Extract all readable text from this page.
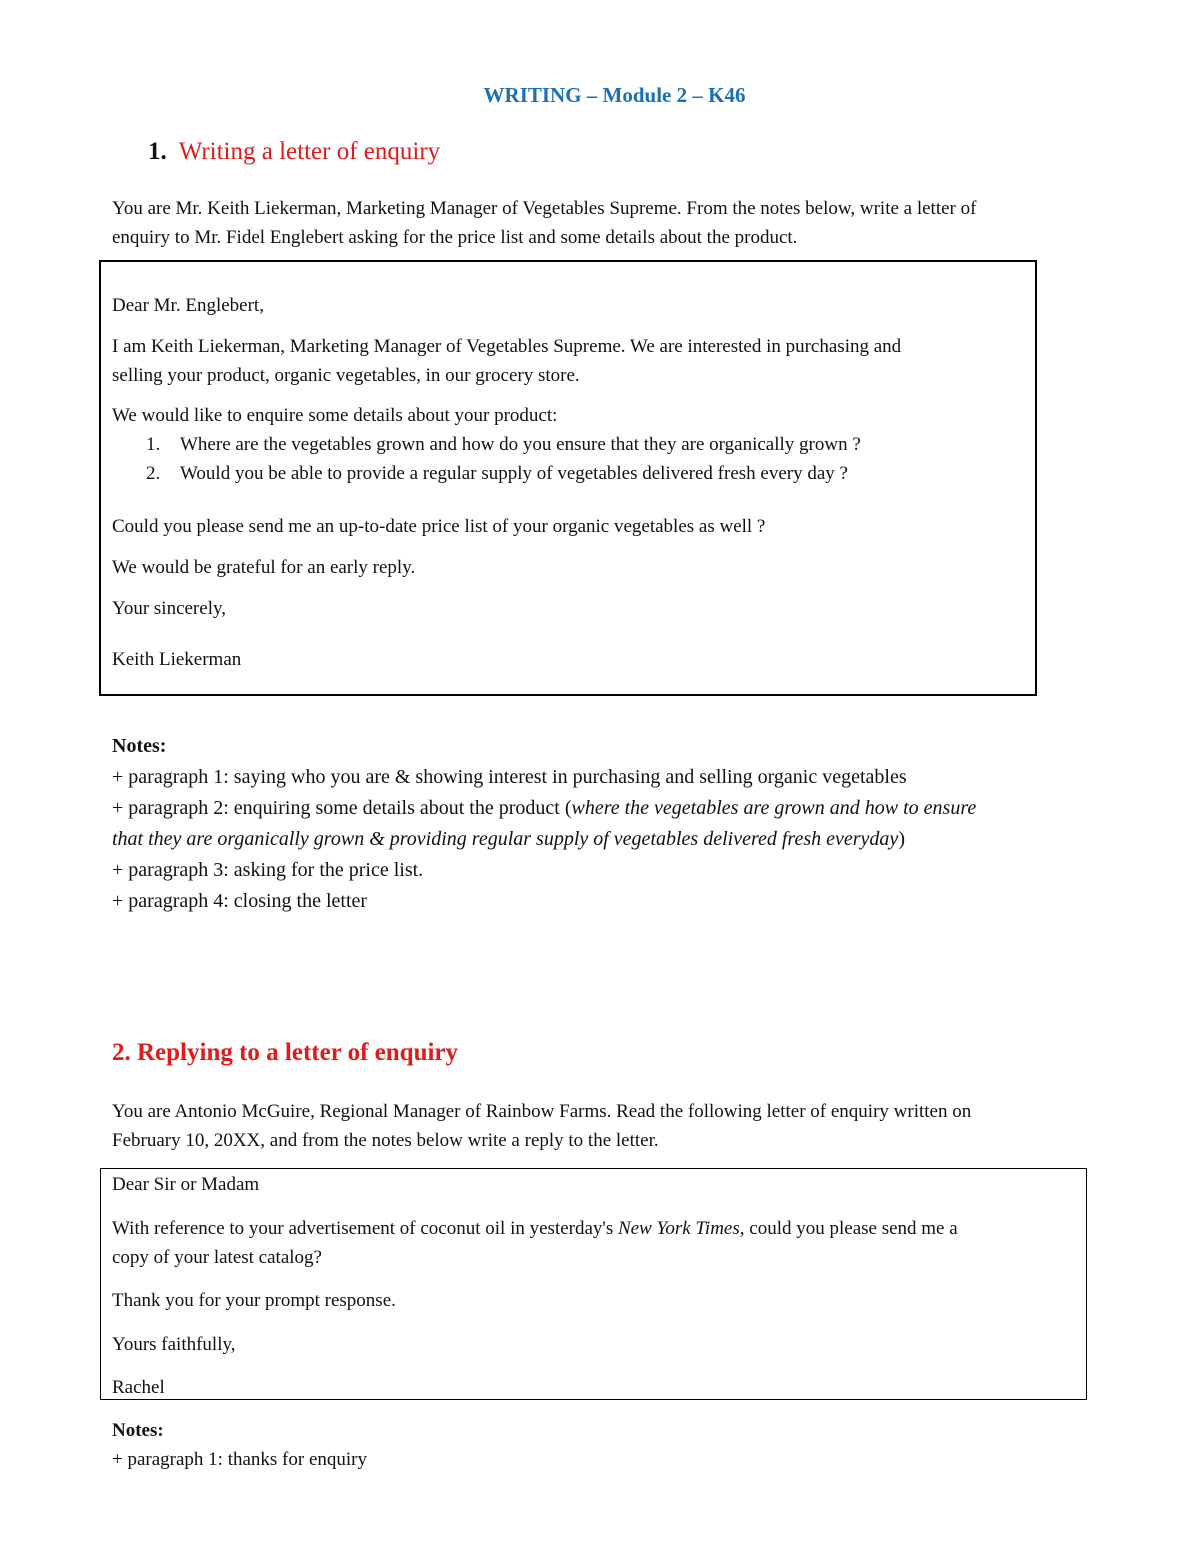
WRITING – Module 2 – K46
1. Writing a letter of enquiry
You are Mr. Keith Liekerman, Marketing Manager of Vegetables Supreme. From the notes below, write a letter of
enquiry to Mr. Fidel Englebert asking for the price list and some details about the product.
Dear Mr. Englebert,
I am Keith Liekerman, Marketing Manager of Vegetables Supreme. We are interested in purchasing and
selling your product, organic vegetables, in our grocery store.
We would like to enquire some details about your product:
1. Where are the vegetables grown and how do you ensure that they are organically grown ?
2. Would you be able to provide a regular supply of vegetables delivered fresh every day ?
Could you please send me an up-to-date price list of your organic vegetables as well ?
We would be grateful for an early reply.
Your sincerely,
Keith Liekerman
Notes:
+ paragraph 1: saying who you are & showing interest in purchasing and selling organic vegetables
+ paragraph 2: enquiring some details about the product (where the vegetables are grown and how to ensure
that they are organically grown & providing regular supply of vegetables delivered fresh everyday)
+ paragraph 3: asking for the price list.
+ paragraph 4: closing the letter
2. Replying to a letter of enquiry
You are Antonio McGuire, Regional Manager of Rainbow Farms. Read the following letter of enquiry written on
February 10, 20XX, and from the notes below write a reply to the letter.
Dear Sir or Madam
With reference to your advertisement of coconut oil in yesterday's New York Times, could you please send me a
copy of your latest catalog?
Thank you for your prompt response.
Yours faithfully,
Rachel
Notes:
+ paragraph 1: thanks for enquiry
